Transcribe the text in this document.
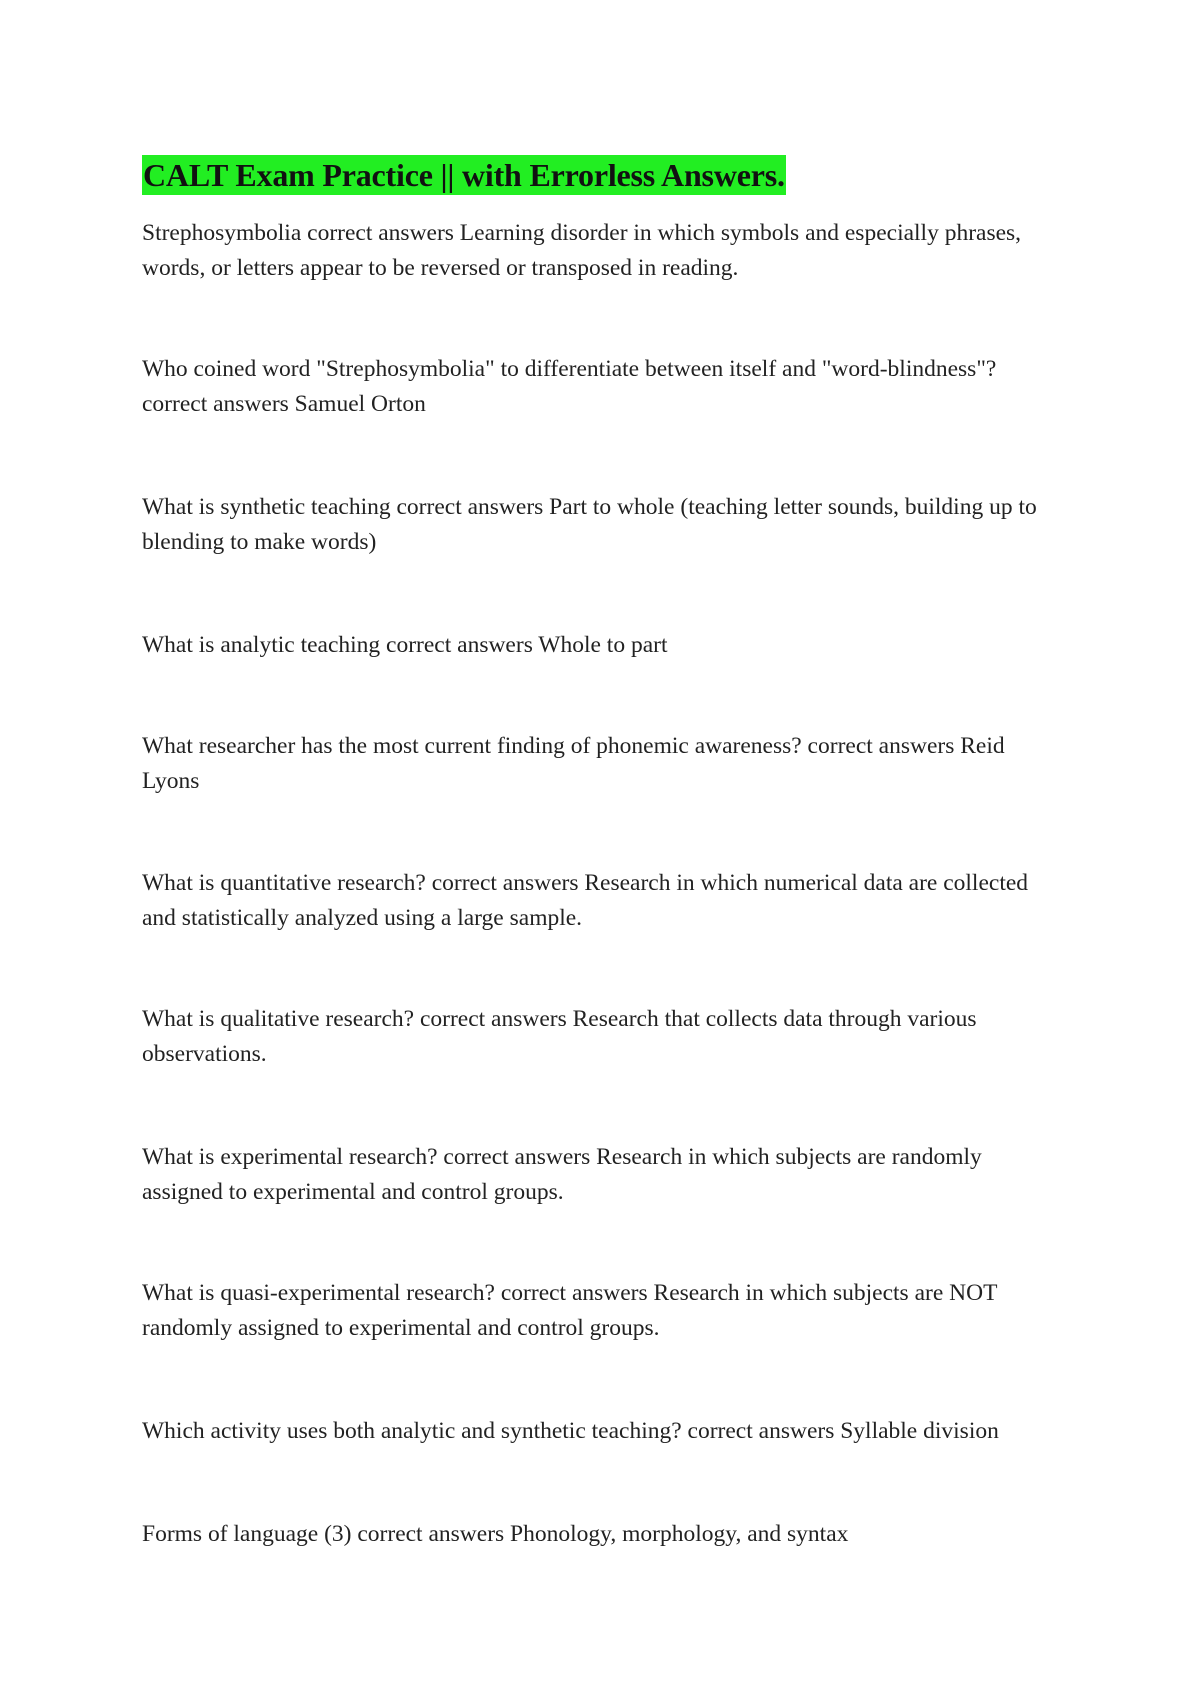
CALT Exam Practice || with Errorless Answers.

Strephosymbolia correct answers Learning disorder in which symbols and especially phrases, words, or letters appear to be reversed or transposed in reading.

Who coined word "Strephosymbolia" to differentiate between itself and "word-blindness"? correct answers Samuel Orton

What is synthetic teaching correct answers Part to whole (teaching letter sounds, building up to blending to make words)

What is analytic teaching correct answers Whole to part

What researcher has the most current finding of phonemic awareness? correct answers Reid Lyons

What is quantitative research? correct answers Research in which numerical data are collected and statistically analyzed using a large sample.

What is qualitative research? correct answers Research that collects data through various observations.

What is experimental research? correct answers Research in which subjects are randomly assigned to experimental and control groups.

What is quasi-experimental research? correct answers Research in which subjects are NOT randomly assigned to experimental and control groups.

Which activity uses both analytic and synthetic teaching? correct answers Syllable division

Forms of language (3) correct answers Phonology, morphology, and syntax
